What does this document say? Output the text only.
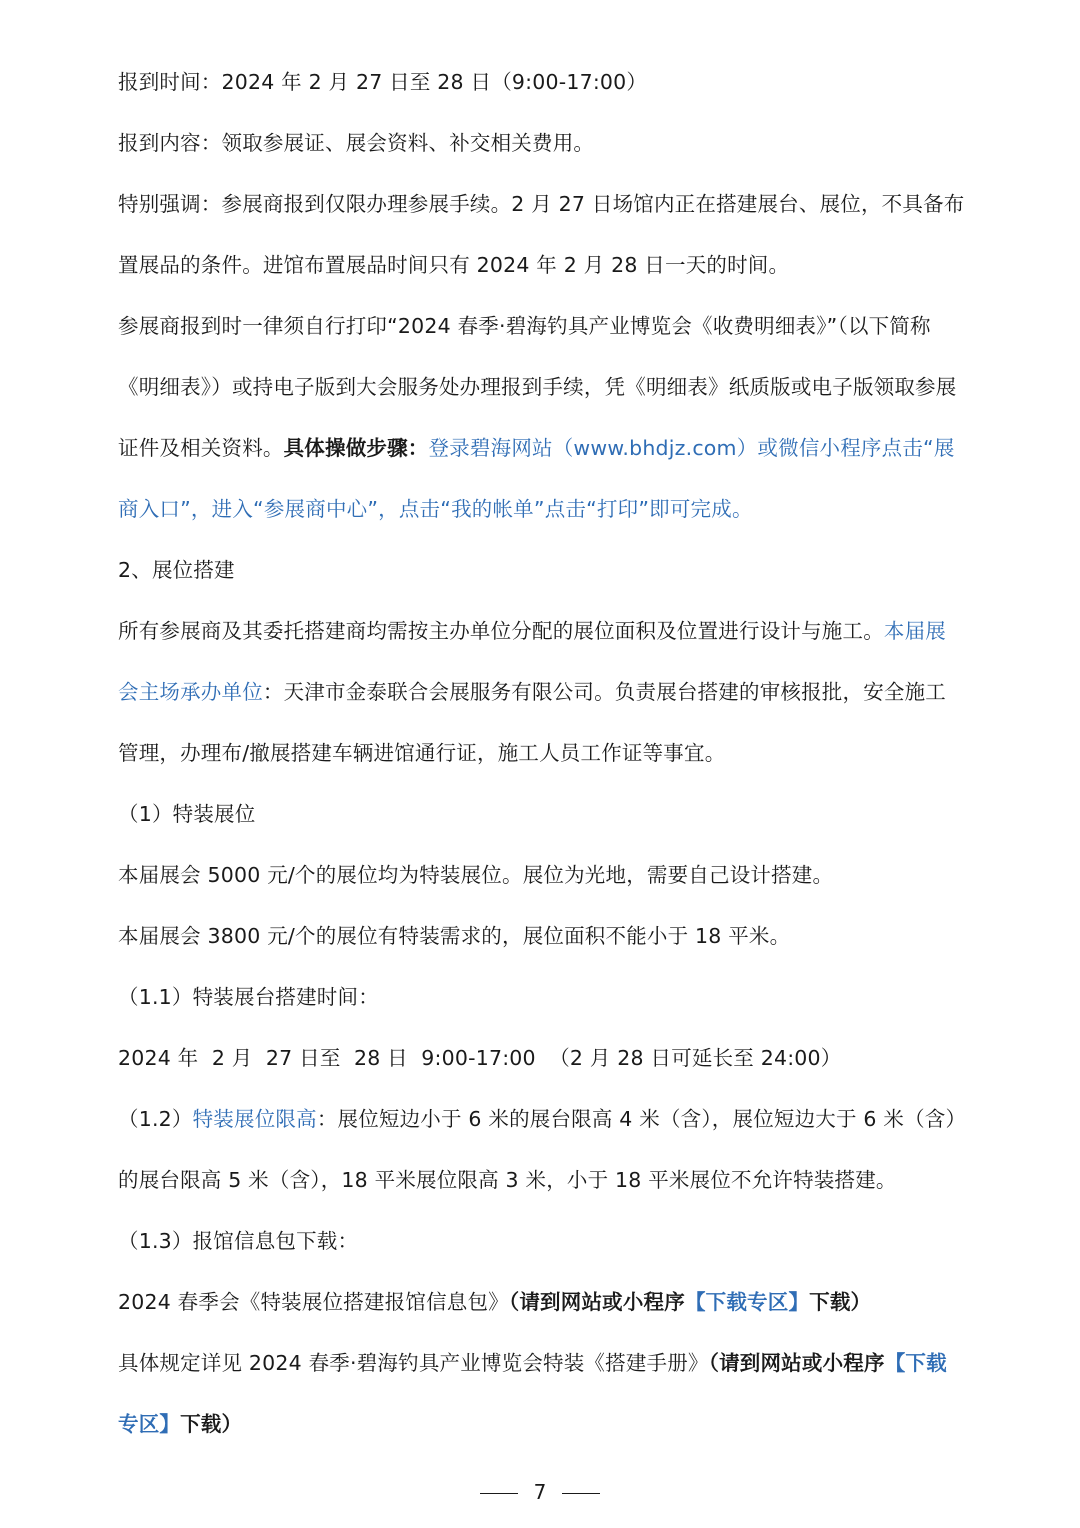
报到时间：2024 年 2 月 27 日至 28 日（9:00-17:00）

报到内容：领取参展证、展会资料、补交相关费用。

特别强调：参展商报到仅限办理参展手续。2 月 27 日场馆内正在搭建展台、展位，不具备布置展品的条件。进馆布置展品时间只有 2024 年 2 月 28 日一天的时间。

参展商报到时一律须自行打印“2024 春季·碧海钓具产业博览会《收费明细表》”（以下简称《明细表》）或持电子版到大会服务处办理报到手续，凭《明细表》纸质版或电子版领取参展证件及相关资料。具体操做步骤：登录碧海网站（www.bhdjz.com）或微信小程序点击“展商入口”，进入“参展商中心”，点击“我的帐单”点击“打印”即可完成。

2、展位搭建

所有参展商及其委托搭建商均需按主办单位分配的展位面积及位置进行设计与施工。本届展会主场承办单位：天津市金泰联合会展服务有限公司。负责展台搭建的审核报批，安全施工管理，办理布/撤展搭建车辆进馆通行证，施工人员工作证等事宜。

（1）特装展位

本届展会 5000 元/个的展位均为特装展位。展位为光地，需要自己设计搭建。

本届展会 3800 元/个的展位有特装需求的，展位面积不能小于 18 平米。

（1.1）特装展台搭建时间：

2024 年  2 月  27 日至  28 日  9:00-17:00  （2 月 28 日可延长至 24:00）

（1.2）特装展位限高：展位短边小于 6 米的展台限高 4 米（含），展位短边大于 6 米（含）的展台限高 5 米（含），18 平米展位限高 3 米，小于 18 平米展位不允许特装搭建。

（1.3）报馆信息包下载：

2024 春季会《特装展位搭建报馆信息包》（请到网站或小程序【下载专区】下载）

具体规定详见 2024 春季·碧海钓具产业博览会特装《搭建手册》（请到网站或小程序【下载专区】下载）

7
